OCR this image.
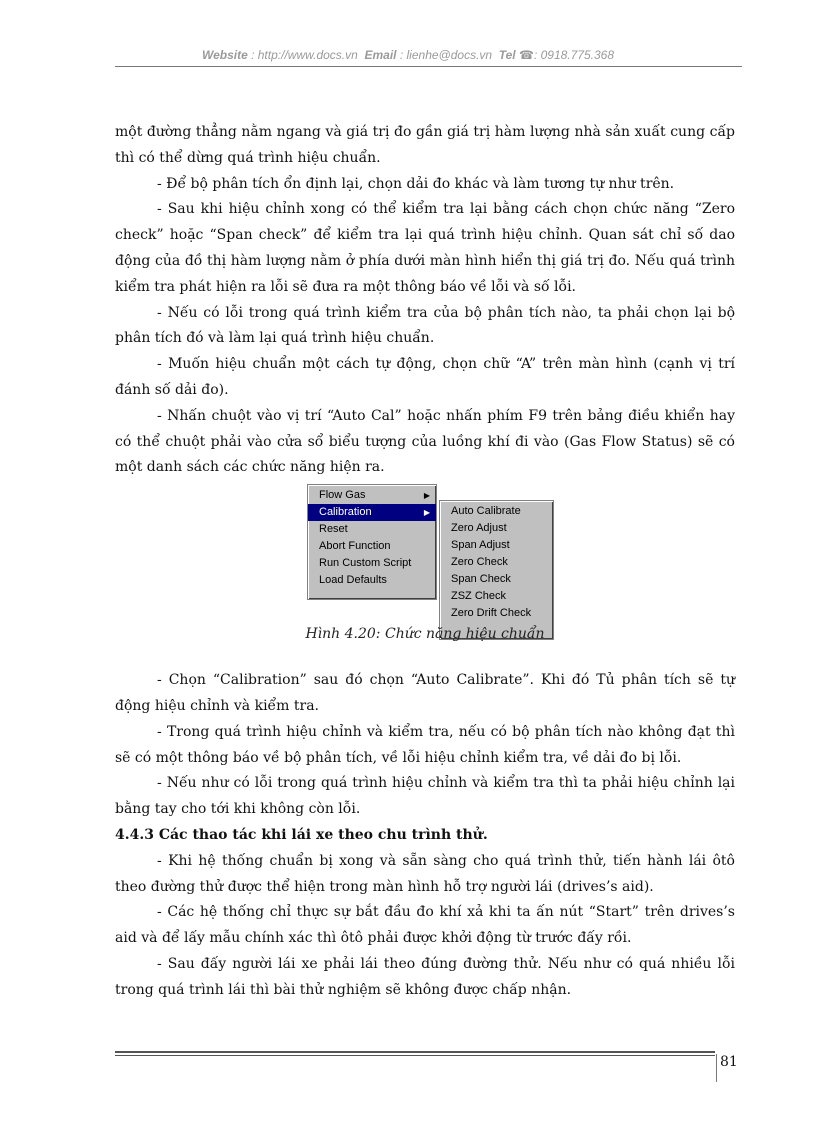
Website : http://www.docs.vn Email : lienhe@docs.vn Tel ☎: 0918.775.368

một đường thẳng nằm ngang và giá trị đo gần giá trị hàm lượng nhà sản xuất cung cấp thì có thể dừng quá trình hiệu chuẩn.

- Để bộ phân tích ổn định lại, chọn dải đo khác và làm tương tự như trên.

- Sau khi hiệu chỉnh xong có thể kiểm tra lại bằng cách chọn chức năng “Zero check” hoặc “Span check” để kiểm tra lại quá trình hiệu chỉnh. Quan sát chỉ số dao động của đồ thị hàm lượng nằm ở phía dưới màn hình hiển thị giá trị đo. Nếu quá trình kiểm tra phát hiện ra lỗi sẽ đưa ra một thông báo về lỗi và số lỗi.

- Nếu có lỗi trong quá trình kiểm tra của bộ phân tích nào, ta phải chọn lại bộ phân tích đó và làm lại quá trình hiệu chuẩn.

- Muốn hiệu chuẩn một cách tự động, chọn chữ “A” trên màn hình (cạnh vị trí đánh số dải đo).

- Nhấn chuột vào vị trí “Auto Cal” hoặc nhấn phím F9 trên bảng điều khiển hay có thể chuột phải vào cửa sổ biểu tượng của luồng khí đi vào (Gas Flow Status) sẽ có một danh sách các chức năng hiện ra.

Flow Gas	▶
Calibration	▶
Reset
Abort Function
Run Custom Script
Load Defaults
Auto Calibrate
Zero Adjust
Span Adjust
Zero Check
Span Check
ZSZ Check
Zero Drift Check
Hình 4.20: Chức năng hiệu chuẩn

- Chọn “Calibration” sau đó chọn “Auto Calibrate”. Khi đó Tủ phân tích sẽ tự động hiệu chỉnh và kiểm tra.

- Trong quá trình hiệu chỉnh và kiểm tra, nếu có bộ phân tích nào không đạt thì sẽ có một thông báo về bộ phân tích, về lỗi hiệu chỉnh kiểm tra, về dải đo bị lỗi.

- Nếu như có lỗi trong quá trình hiệu chỉnh và kiểm tra thì ta phải hiệu chỉnh lại bằng tay cho tới khi không còn lỗi.

4.4.3 Các thao tác khi lái xe theo chu trình thử.

- Khi hệ thống chuẩn bị xong và sẵn sàng cho quá trình thử, tiến hành lái ôtô theo đường thử được thể hiện trong màn hình hỗ trợ người lái (drives’s aid).

- Các hệ thống chỉ thực sự bắt đầu đo khí xả khi ta ấn nút “Start” trên drives’s aid và để lấy mẫu chính xác thì ôtô phải được khởi động từ trước đấy rồi.

- Sau đấy người lái xe phải lái theo đúng đường thử. Nếu như có quá nhiều lỗi trong quá trình lái thì bài thử nghiệm sẽ không được chấp nhận.

81
